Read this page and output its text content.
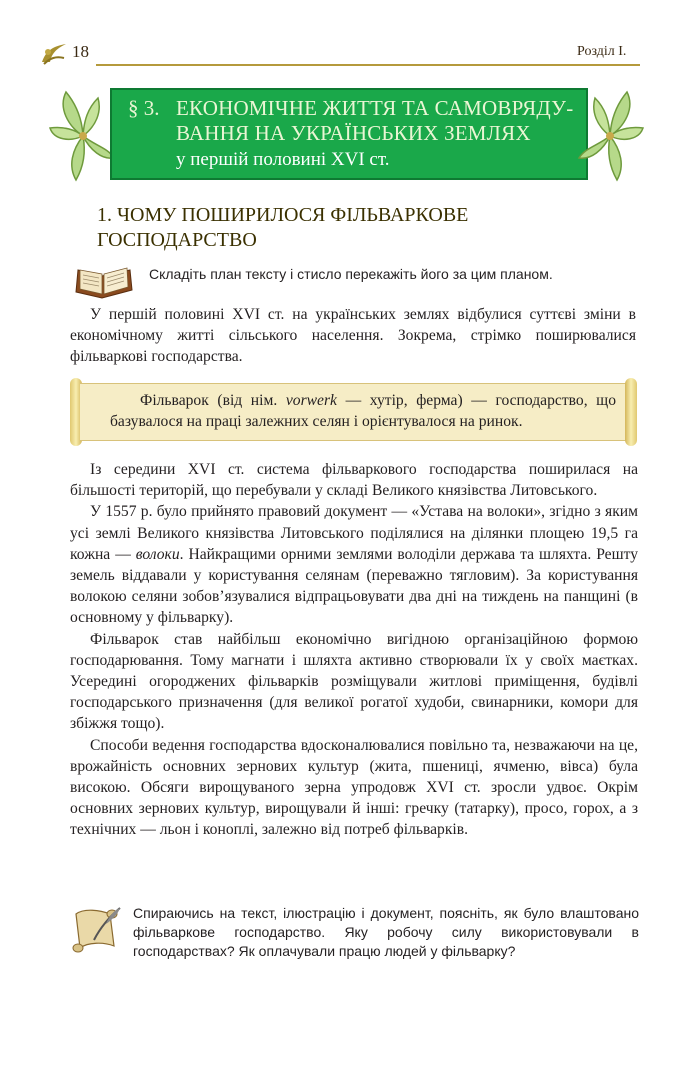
18	Розділ I.
§ 3. ЕКОНОМІЧНЕ ЖИТТЯ ТА САМОВРЯДУ-
ВАННЯ НА УКРАЇНСЬКИХ ЗЕМЛЯХ
у першій половині XVI ст.
1. ЧОМУ ПОШИРИЛОСЯ ФІЛЬВАРКОВЕ ГОСПОДАРСТВО
Складіть план тексту і стисло перекажіть його за цим планом.

У першій половині XVI ст. на українських землях відбулися суттєві зміни в економічному житті сільського населення. Зокрема, стрімко поширювалися фільваркові господарства.

Фільварок (від нім. vorwerk — хутір, ферма) — господарство, що базувалося на праці залежних селян і орієнтувалося на ринок.

Із середини XVI ст. система фільваркового господарства поширилася на більшості територій, що перебували у складі Великого князівства Литовського.

У 1557 р. було прийнято правовий документ — «Устава на волоки», згідно з яким усі землі Великого князівства Литовського поділялися на ділянки площею 19,5 га кожна — волоки. Найкращими орними землями володіли держава та шляхта. Решту земель віддавали у користування селянам (переважно тягловим). За користування волокою селяни зобов’язувалися відпрацьовувати два дні на тиждень на панщині (в основному у фільварку).

Фільварок став найбільш економічно вигідною організаційною формою господарювання. Тому магнати і шляхта активно створювали їх у своїх маєтках. Усередині огороджених фільварків розміщували житлові приміщення, будівлі господарського призначення (для великої рогатої худоби, свинарники, комори для збіжжя тощо).

Способи ведення господарства вдосконалювалися повільно та, незважаючи на це, врожайність основних зернових культур (жита, пшениці, ячменю, вівса) була високою. Обсяги вирощуваного зерна упродовж XVI ст. зросли удвоє. Окрім основних зернових культур, вирощували й інші: гречку (татарку), просо, горох, а з технічних — льон і коноплі, залежно від потреб фільварків.

Спираючись на текст, ілюстрацію і документ, поясніть, як було влаштовано фільваркове господарство. Яку робочу силу використовували в господарствах? Як оплачували працю людей у фільварку?
